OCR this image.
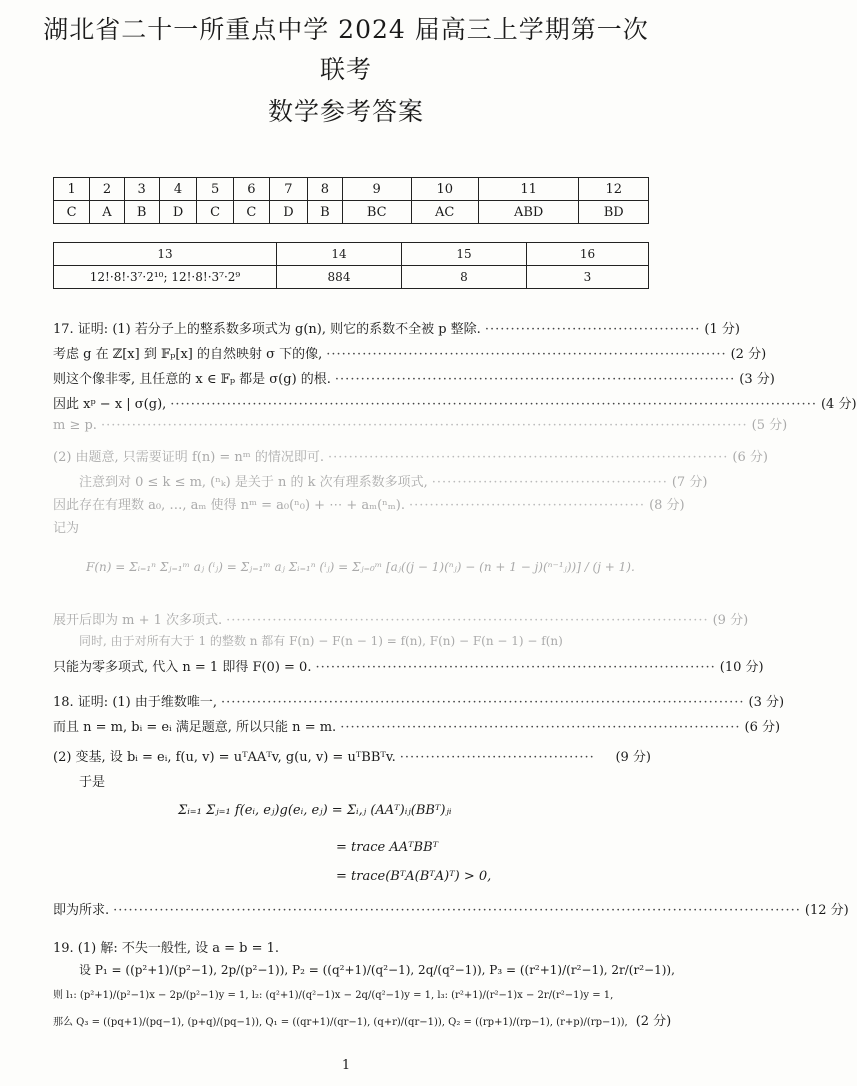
湖北省二十一所重点中学 2024 届高三上学期第一次
联考
数学参考答案
1	2	3	4	5	6	7	8	9	10	11	12
C	A	B	D	C	C	D	B	BC	AC	ABD	BD
13	14	15	16
12!·8!·3⁷·2¹⁰; 12!·8!·3⁷·2⁹	884	8	3
17. 证明: (1) 若分子上的整系数多项式为 g(n), 则它的系数不全被 p 整除. ·········································· (1 分)
考虑 g 在 ℤ[x] 到 𝔽ₚ[x] 的自然映射 σ 下的像, ·············································································· (2 分)
则这个像非零, 且任意的 x ∈ 𝔽ₚ 都是 σ(g) 的根. ·············································································· (3 分)
因此 xᵖ − x | σ(g), ······························································································································ (4 分)
m ≥ p. ······························································································································ (5 分)
(2) 由题意, 只需要证明 f(n) = nᵐ 的情况即可. ·············································································· (6 分)
注意到对 0 ≤ k ≤ m, (ⁿₖ) 是关于 n 的 k 次有理系数多项式, ·············································· (7 分)
因此存在有理数 a₀, …, aₘ 使得 nᵐ = a₀(ⁿ₀) + ⋯ + aₘ(ⁿₘ). ·············································· (8 分)
记为
F(n) = Σᵢ₌₁ⁿ Σⱼ₌₁ᵐ aⱼ (ⁱⱼ) = Σⱼ₌₁ᵐ aⱼ Σᵢ₌₁ⁿ (ⁱⱼ) = Σⱼ₌₀ᵐ [aⱼ((j − 1)(ⁿⱼ) − (n + 1 − j)(ⁿ⁻¹ⱼ))] / (j + 1).
展开后即为 m + 1 次多项式. ······························································································ (9 分)
同时, 由于对所有大于 1 的整数 n 都有 F(n) − F(n − 1) = f(n), F(n) − F(n − 1) − f(n)
只能为零多项式, 代入 n = 1 即得 F(0) = 0. ·············································································· (10 分)
18. 证明: (1) 由于维数唯一, ······································································································ (3 分)
而且 n = m, bᵢ = eᵢ 满足题意, 所以只能 n = m. ·············································································· (6 分)
(2) 变基, 设 bᵢ = eᵢ, f(u, v) = uᵀAAᵀv, g(u, v) = uᵀBBᵀv. ······································	(9 分)
于是
Σᵢ₌₁ Σⱼ₌₁ f(eᵢ, eⱼ)g(eᵢ, eⱼ) = Σᵢ,ⱼ (AAᵀ)ᵢⱼ(BBᵀ)ⱼᵢ
= trace AAᵀBBᵀ
= trace(BᵀA(BᵀA)ᵀ) > 0,
即为所求. ······································································································································ (12 分)
19. (1) 解: 不失一般性, 设 a = b = 1.
设 P₁ = ((p²+1)/(p²−1), 2p/(p²−1)), P₂ = ((q²+1)/(q²−1), 2q/(q²−1)), P₃ = ((r²+1)/(r²−1), 2r/(r²−1)),
则 l₁: (p²+1)/(p²−1)x − 2p/(p²−1)y = 1, l₂: (q²+1)/(q²−1)x − 2q/(q²−1)y = 1, l₃: (r²+1)/(r²−1)x − 2r/(r²−1)y = 1,
那么 Q₃ = ((pq+1)/(pq−1), (p+q)/(pq−1)), Q₁ = ((qr+1)/(qr−1), (q+r)/(qr−1)), Q₂ = ((rp+1)/(rp−1), (r+p)/(rp−1)), (2 分)
1
